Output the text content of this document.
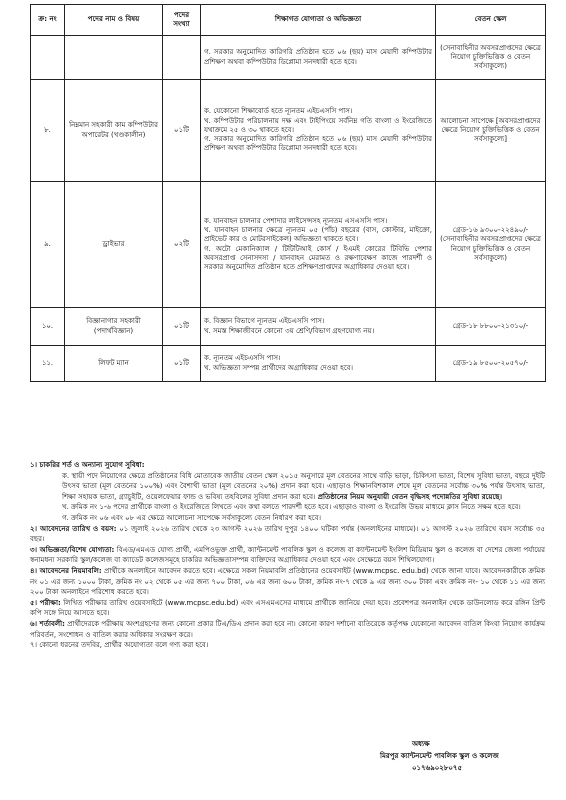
ক্র: নং	পদের নাম ও বিষয়	পদের সংখ্যা	শিক্ষাগত যোগ্যতা ও অভিজ্ঞতা	বেতন স্কেল

			গ. সরকার অনুমোদিত কারিগরি প্রতিষ্ঠান হতে ০৬ (ছয়) মাস মেয়াদী কম্পিউটার প্রশিক্ষণ অথবা কম্পিউটার ডিপ্লোমা সনদধারী হতে হবে।	(সেনাবাহিনীর অবসরপ্রাপ্তদের ক্ষেত্রে নিয়োগ চুক্তিভিত্তিক ও বেতন সর্বসাকুল্যে)
৮.	নিম্নমান সহকারী কাম কম্পিউটার অপারেটর (খণ্ডকালীন)	০১টি	ক. যেকোনো শিক্ষাবোর্ড হতে ন্যূনতম এইচএসসি পাস।
খ. কম্পিউটার পরিচালনায় দক্ষ এবং টাইপিংয়ে সর্বনিম্ন গতি বাংলা ও ইংরেজিতে যথাক্রমে ২৫ ও ৩০ থাকতে হবে।
গ. সরকার অনুমোদিত কারিগরি প্রতিষ্ঠান হতে ০৬ (ছয়) মাস মেয়াদী কম্পিউটার প্রশিক্ষণ অথবা কম্পিউটার ডিপ্লোমা সনদধারী হতে হবে।	আলোচনা সাপেক্ষে [অবসরপ্রাপ্তদের ক্ষেত্রে নিয়োগ চুক্তিভিত্তিক ও বেতন সর্বসাকুল্যে]
৯.	ড্রাইভার	০২টি	ক. যানবাহন চালনার পেশাদার লাইসেন্সসহ ন্যূনতম এসএসসি পাস।
খ. যানবাহন চালনার ক্ষেত্রে ন্যূনতম ০৫ (পাঁচ) বছরের (বাস, কোস্টার, মাইক্রো, প্রাইভেট কার ও মোটরসাইকেল) অভিজ্ঞতা থাকতে হবে।
গ. অটো মেকানিক্যাল / টিটিটিআই কোর্স / ইএমই কোরের টিবিভি পেশার অবসরপ্রাপ্ত সেনাসদস্য / যানবাহন মেরামত ও রক্ষণাবেক্ষণ কাজে পারদর্শী ও সরকার অনুমোদিত প্রতিষ্ঠান হতে প্রশিক্ষণপ্রাপ্তদের অগ্রাধিকার দেওয়া হবে।	গ্রেড-১৬ ৯৩০০-২২৪৯০/- (সেনাবাহিনীর অবসরপ্রাপ্তদের ক্ষেত্রে নিয়োগ চুক্তিভিত্তিক ও বেতন সর্বসাকুল্যে)
১০.	বিজ্ঞানাগার সহকারী (পদার্থবিজ্ঞান)	০১টি	ক. বিজ্ঞান বিভাগে ন্যূনতম এইচএসসি পাস।
খ. সমস্ত শিক্ষাজীবনে কোনো ৩য় শ্রেণি/বিভাগ গ্রহণযোগ্য নয়।	গ্রেড-১৮ ৮৮০০-২১৩১০/-
১১.	লিফট ম্যান	০১টি	ক. ন্যূনতম এইচএসসি পাস।
খ. অভিজ্ঞতা সম্পন্ন প্রার্থীদের অগ্রাধিকার দেওয়া হবে।	গ্রেড-১৯ ৮৫০০-২০৫৭০/-

১। চাকরির শর্ত ও অন্যান্য সুযোগ সুবিধা:

ক. স্থায়ী পদে নিয়োগের ক্ষেত্রে প্রতিষ্ঠানের বিধি মোতাবেক জাতীয় বেতন স্কেল ২০১৫ অনুসারে মূল বেতনের সাথে বাড়ি ভাড়া, চিকিৎসা ভাতা, বিশেষ সুবিধা ভাতা, বছরে দুইটি উৎসব ভাতা (মূল বেতনের ১০০%) এবং বৈশাখী ভাতা (মূল বেতনের ২০%) প্রদান করা হবে। এছাড়াও শিক্ষানবিশকাল শেষে মূল বেতনের সর্বোচ্চ ৩০% পর্যন্ত উৎসাহ ভাতা, শিক্ষা সহায়ক ভাতা, গ্র্যাচুইটি, ওয়েলফেয়ার ফান্ড ও ভবিষ্য তহবিলের সুবিধা প্রদান করা হবে। প্রতিষ্ঠানের নিয়ম অনুযায়ী বেতন বৃদ্ধিসহ পদোন্নতির সুবিধা রয়েছে।

খ. ক্রমিক নং ১-৬ পদের প্রার্থীকে বাংলা ও ইংরেজিতে লিখতে এবং কথা বলতে পারদর্শী হতে হবে। এছাড়াও বাংলা ও ইংরেজি উভয় মাধ্যমে ক্লাস নিতে সক্ষম হতে হবে।

গ. ক্রমিক নং ০৬ এবং ০৮ এর ক্ষেত্রে আলোচনা সাপেক্ষে সর্বসাকুল্যে বেতন নির্ধারণ করা হবে।

২। আবেদনের তারিখ ও বয়স: ০১ জুলাই ২০২৬ তারিখ থেকে ২৩ আগস্ট ২০২৬ তারিখ দুপুর ১৪০০ ঘটিকা পর্যন্ত (অনলাইনের মাধ্যমে)। ০১ আগস্ট ২০২৬ তারিখে বয়স সর্বোচ্চ ৩৫ বছর।

৩। অভিজ্ঞতা/বিশেষ যোগ্যতা: বিএড/এমএড যোগ্য প্রার্থী, এমপিওভুক্ত প্রার্থী, ক্যান্টনমেন্ট পাবলিক স্কুল ও কলেজ বা ক্যান্টনমেন্ট ইংলিশ মিডিয়াম স্কুল ও কলেজ বা দেশের জেলা পর্যায়ের স্বনামধন্য সরকারি স্কুল/কলেজ বা ক্যাডেট কলেজসমূহে চাকরির অভিজ্ঞতাসম্পন্ন ব্যক্তিদের অগ্রাধিকার দেওয়া হবে এবং সেক্ষেত্রে বয়স শিথিলযোগ্য।

৪। আবেদনের নিয়মাবলি: প্রার্থীকে অনলাইনে আবেদন করতে হবে। এক্ষেত্রে সকল নিয়মাবলি প্রতিষ্ঠানের ওয়েবসাইট (www.mcpsc. edu.bd) থেকে জানা যাবে। আবেদনকারীকে ক্রমিক নং ০১ এর জন্য ১০০০ টাকা, ক্রমিক নং ০২ থেকে ০৫ এর জন্য ৭০০ টাকা, ০৬ এর জন্য ৬০০ টাকা, ক্রমিক নং-৭ থেকে ৯ এর জন্য ৩০০ টাকা এবং ক্রমিক নং- ১০ থেকে ১১ এর জন্য ২০০ টাকা অনলাইনে পরিশোধ করতে হবে।

৫। পরীক্ষা: লিখিত পরীক্ষার তারিখ ওয়েবসাইটে (www.mcpsc.edu.bd) এবং এসএমএসের মাধ্যমে প্রার্থীকে জানিয়ে দেয়া হবে। প্রবেশপত্র অনলাইন থেকে ডাউনলোড করে রঙ্গিন প্রিন্ট কপি সঙ্গে নিয়ে আসতে হবে।

৬। শর্তাবলী: প্রার্থীদেরকে পরীক্ষায় অংশগ্রহণের জন্য কোনো প্রকার টিএ/ডিএ প্রদান করা হবে না। কোনো কারণ দর্শানো ব্যতিরেকে কর্তৃপক্ষ যেকোনো আবেদন বাতিল কিংবা নিয়োগ কার্যক্রম পরিবর্তন, সংশোধন ও বাতিল করার অধিকার সংরক্ষণ করে।

৭। কোনো ধরনের তদবির, প্রার্থীর অযোগ্যতা বলে গণ্য করা হবে।

অধ্যক্ষ
মিরপুর ক্যান্টনমেন্ট পাবলিক স্কুল ও কলেজ
০১৭৬৯০২৮০৭৫
